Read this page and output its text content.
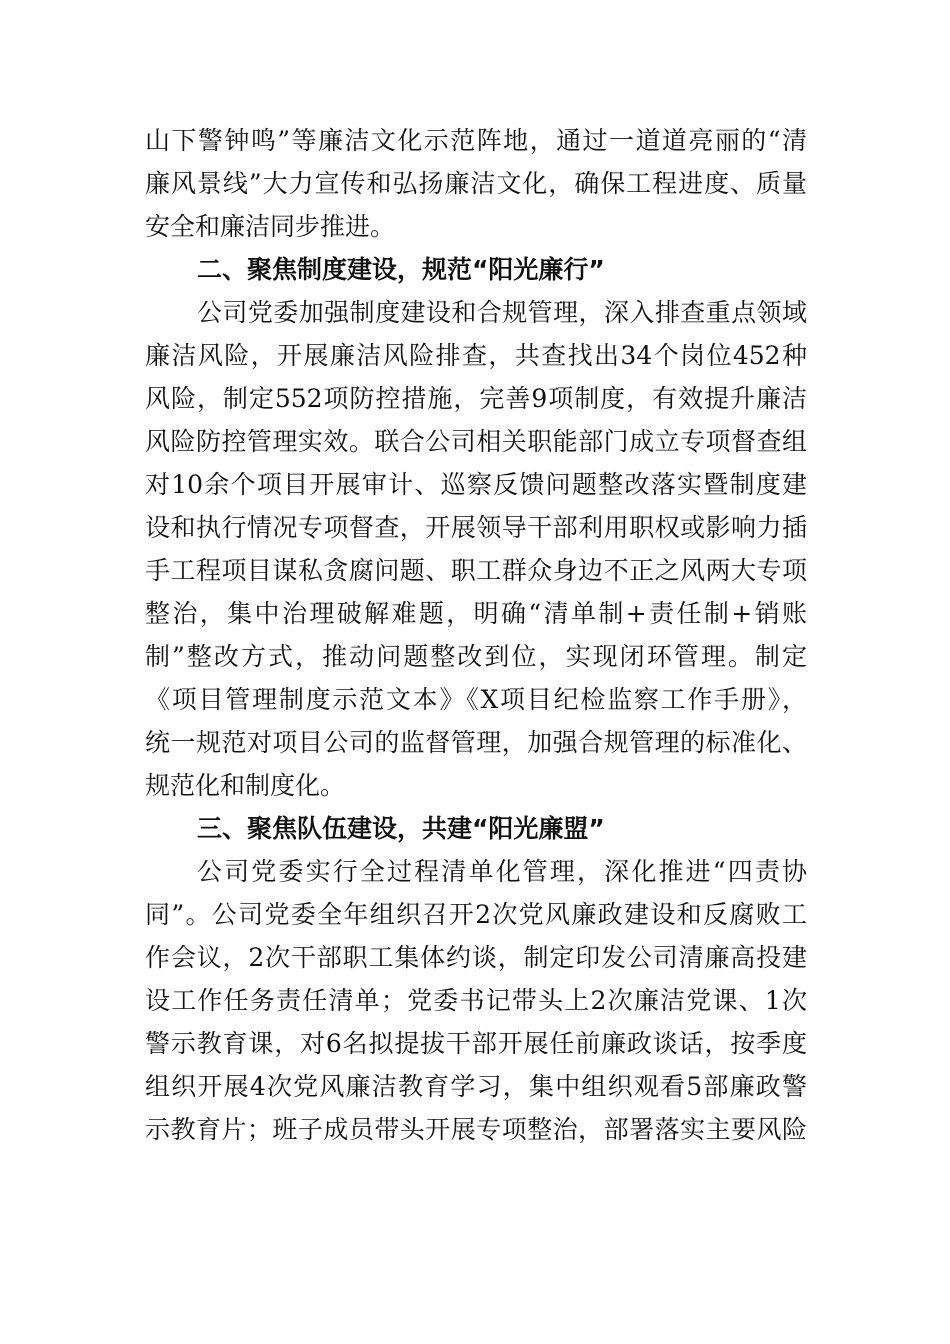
山下警钟鸣”等廉洁文化示范阵地，通过一道道亮丽的“清
廉风景线”大力宣传和弘扬廉洁文化，确保工程进度、质量
安全和廉洁同步推进。
二、聚焦制度建设，规范“阳光廉行”
公司党委加强制度建设和合规管理，深入排查重点领域
廉洁风险，开展廉洁风险排查，共查找出34个岗位452种
风险，制定552项防控措施，完善9项制度，有效提升廉洁
风险防控管理实效。联合公司相关职能部门成立专项督查组
对10余个项目开展审计、巡察反馈问题整改落实暨制度建
设和执行情况专项督查，开展领导干部利用职权或影响力插
手工程项目谋私贪腐问题、职工群众身边不正之风两大专项
整治，集中治理破解难题，明确“清单制+责任制+销账
制”整改方式，推动问题整改到位，实现闭环管理。制定
《项目管理制度示范文本》《X项目纪检监察工作手册》，
统一规范对项目公司的监督管理，加强合规管理的标准化、
规范化和制度化。
三、聚焦队伍建设，共建“阳光廉盟”
公司党委实行全过程清单化管理，深化推进“四责协
同”。公司党委全年组织召开2次党风廉政建设和反腐败工
作会议，2次干部职工集体约谈，制定印发公司清廉高投建
设工作任务责任清单；党委书记带头上2次廉洁党课、1次
警示教育课，对6名拟提拔干部开展任前廉政谈话，按季度
组织开展4次党风廉洁教育学习，集中组织观看5部廉政警
示教育片；班子成员带头开展专项整治，部署落实主要风险
